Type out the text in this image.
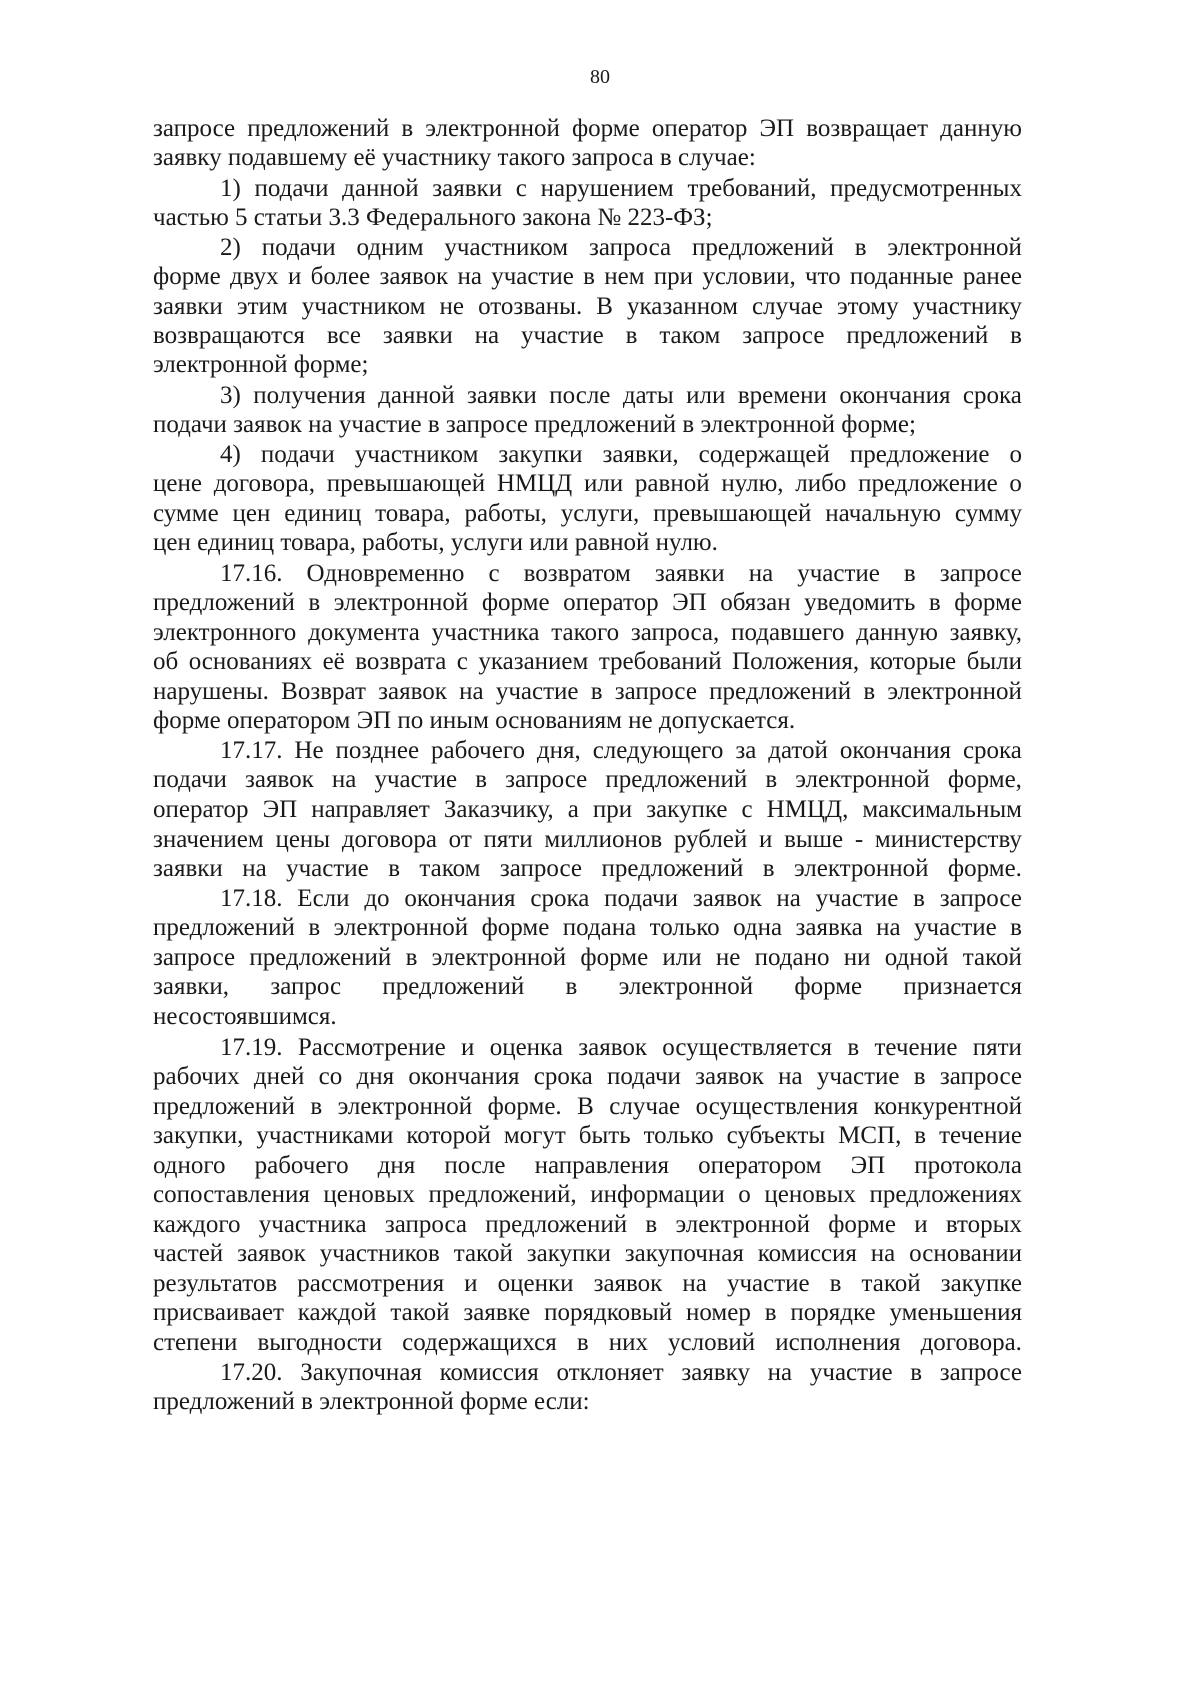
80
запросе предложений в электронной форме оператор ЭП возвращает данную
заявку подавшему её участнику такого запроса в случае:
1) подачи данной заявки с нарушением требований, предусмотренных
частью 5 статьи 3.3 Федерального закона № 223-ФЗ;
2) подачи одним участником запроса предложений в электронной
форме двух и более заявок на участие в нем при условии, что поданные ранее
заявки этим участником не отозваны. В указанном случае этому участнику
возвращаются все заявки на участие в таком запросе предложений в
электронной форме;
3) получения данной заявки после даты или времени окончания срока
подачи заявок на участие в запросе предложений в электронной форме;
4) подачи участником закупки заявки, содержащей предложение о
цене договора, превышающей НМЦД или равной нулю, либо предложение о
сумме цен единиц товара, работы, услуги, превышающей начальную сумму
цен единиц товара, работы, услуги или равной нулю.
17.16. Одновременно с возвратом заявки на участие в запросе
предложений в электронной форме оператор ЭП обязан уведомить в форме
электронного документа участника такого запроса, подавшего данную заявку,
об основаниях её возврата с указанием требований Положения, которые были
нарушены. Возврат заявок на участие в запросе предложений в электронной
форме оператором ЭП по иным основаниям не допускается.
17.17. Не позднее рабочего дня, следующего за датой окончания срока
подачи заявок на участие в запросе предложений в электронной форме,
оператор ЭП направляет Заказчику, а при закупке с НМЦД, максимальным
значением цены договора от пяти миллионов рублей и выше - министерству
заявки на участие в таком запросе предложений в электронной форме.
17.18. Если до окончания срока подачи заявок на участие в запросе
предложений в электронной форме подана только одна заявка на участие в
запросе предложений в электронной форме или не подано ни одной такой
заявки, запрос предложений в электронной форме признается
несостоявшимся.
17.19. Рассмотрение и оценка заявок осуществляется в течение пяти
рабочих дней со дня окончания срока подачи заявок на участие в запросе
предложений в электронной форме. В случае осуществления конкурентной
закупки, участниками которой могут быть только субъекты МСП, в течение
одного рабочего дня после направления оператором ЭП протокола
сопоставления ценовых предложений, информации о ценовых предложениях
каждого участника запроса предложений в электронной форме и вторых
частей заявок участников такой закупки закупочная комиссия на основании
результатов рассмотрения и оценки заявок на участие в такой закупке
присваивает каждой такой заявке порядковый номер в порядке уменьшения
степени выгодности содержащихся в них условий исполнения договора.
17.20. Закупочная комиссия отклоняет заявку на участие в запросе
предложений в электронной форме если:
